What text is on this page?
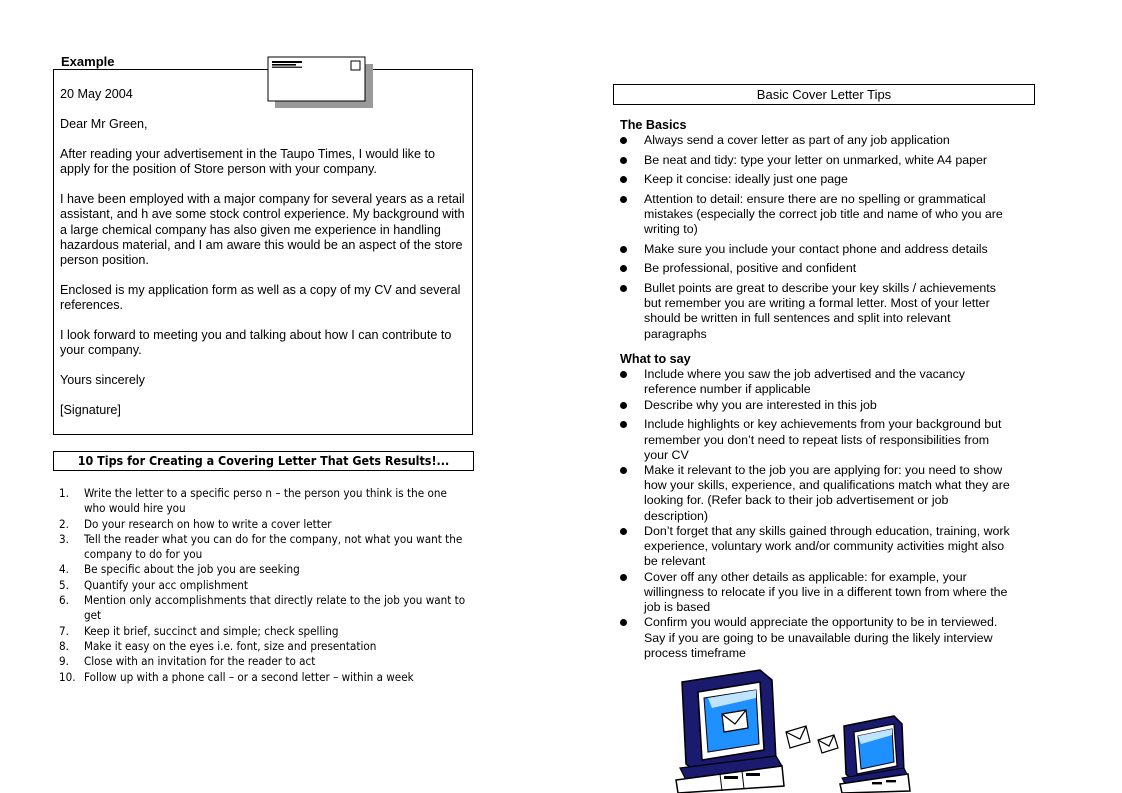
Example

20 May 2004

Dear Mr Green,

After reading your advertisement in the Taupo Times, I would like to apply for the position of Store person with your company.

I have been employed with a major company for several years as a retail assistant, and h ave some stock control experience. My background with a large chemical company has also given me experience in handling hazardous material, and I am aware this would be an aspect of the store person position.

Enclosed is my application form as well as a copy of my CV and several references.

I look forward to meeting you and talking about how I can contribute to your company.

Yours sincerely

[Signature]

10 Tips for Creating a Covering Letter That Gets Results!...
1. Write the letter to a specific perso n – the person you think is the one who would hire you
2. Do your research on how to write a cover letter
3. Tell the reader what you can do for the company, not what you want the company to do for you
4. Be specific about the job you are seeking
5. Quantify your acc omplishment
6. Mention only accomplishments that directly relate to the job you want to get
7. Keep it brief, succinct and simple; check spelling
8. Make it easy on the eyes i.e. font, size and presentation
9. Close with an invitation for the reader to act
10. Follow up with a phone call – or a second letter – within a week
Basic Cover Letter Tips
The Basics
Always send a cover letter as part of any job application
Be neat and tidy: type your letter on unmarked, white A4 paper
Keep it concise: ideally just one page
Attention to detail: ensure there are no spelling or grammatical mistakes (especially the correct job title and name of who you are writing to)
Make sure you include your contact phone and address details
Be professional, positive and confident
Bullet points are great to describe your key skills / achievements but remember you are writing a formal letter. Most of your letter should be written in full sentences and split into relevant paragraphs
What to say
Include where you saw the job advertised and the vacancy reference number if applicable
Describe why you are interested in this job
Include highlights or key achievements from your background but remember you don’t need to repeat lists of responsibilities from your CV
Make it relevant to the job you are applying for: you need to show how your skills, experience, and qualifications match what they are looking for. (Refer back to their job advertisement or job description)
Don’t forget that any skills gained through education, training, work experience, voluntary work and/or community activities might also be relevant
Cover off any other details as applicable: for example, your willingness to relocate if you live in a different town from where the job is based
Confirm you would appreciate the opportunity to be in terviewed. Say if you are going to be unavailable during the likely interview process timeframe
